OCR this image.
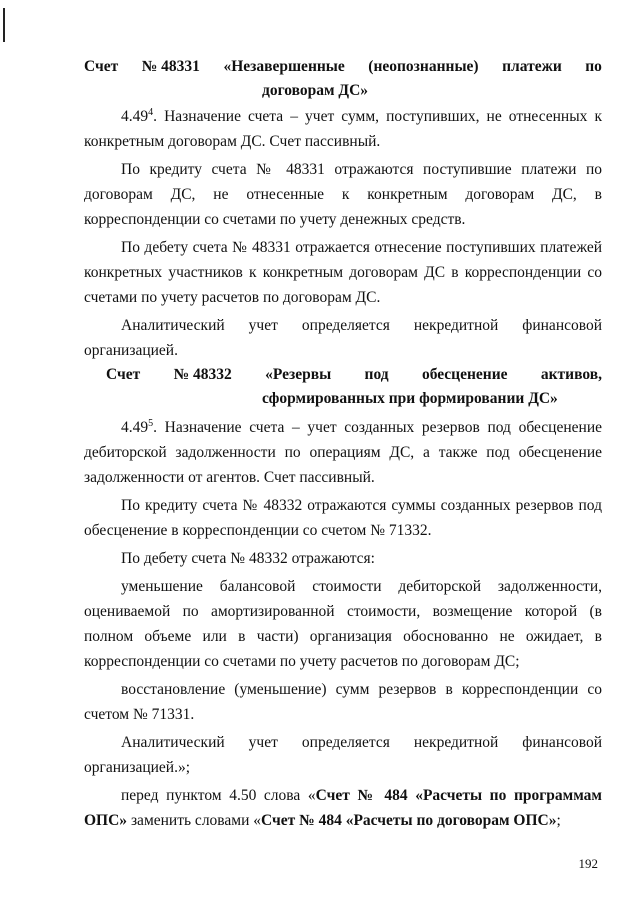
Счет № 48331 «Незавершенные (неопознанные) платежи по
договорам ДС»

4.49$^4$. Назначение счета – учет сумм, поступивших, не отнесенных к конкретным договорам ДС. Счет пассивный.

По кредиту счета № 48331 отражаются поступившие платежи по договорам ДС, не отнесенные к конкретным договорам ДС, в корреспонденции со счетами по учету денежных средств.

По дебету счета № 48331 отражается отнесение поступивших платежей конкретных участников к конкретным договорам ДС в корреспонденции со счетами по учету расчетов по договорам ДС.

Аналитический учет определяется некредитной финансовой организацией.

Счет № 48332 «Резервы под обесценение активов,
сформированных при формировании ДС»

4.49$^5$. Назначение счета – учет созданных резервов под обесценение дебиторской задолженности по операциям ДС, а также под обесценение задолженности от агентов. Счет пассивный.

По кредиту счета № 48332 отражаются суммы созданных резервов под обесценение в корреспонденции со счетом № 71332.

По дебету счета № 48332 отражаются:

уменьшение балансовой стоимости дебиторской задолженности, оцениваемой по амортизированной стоимости, возмещение которой (в полном объеме или в части) организация обоснованно не ожидает, в корреспонденции со счетами по учету расчетов по договорам ДС;

восстановление (уменьшение) сумм резервов в корреспонденции со счетом № 71331.

Аналитический учет определяется некредитной финансовой организацией.»;

перед пунктом 4.50 слова «Счет № 484 «Расчеты по программам ОПС» заменить словами «Счет № 484 «Расчеты по договорам ОПС»;

192
